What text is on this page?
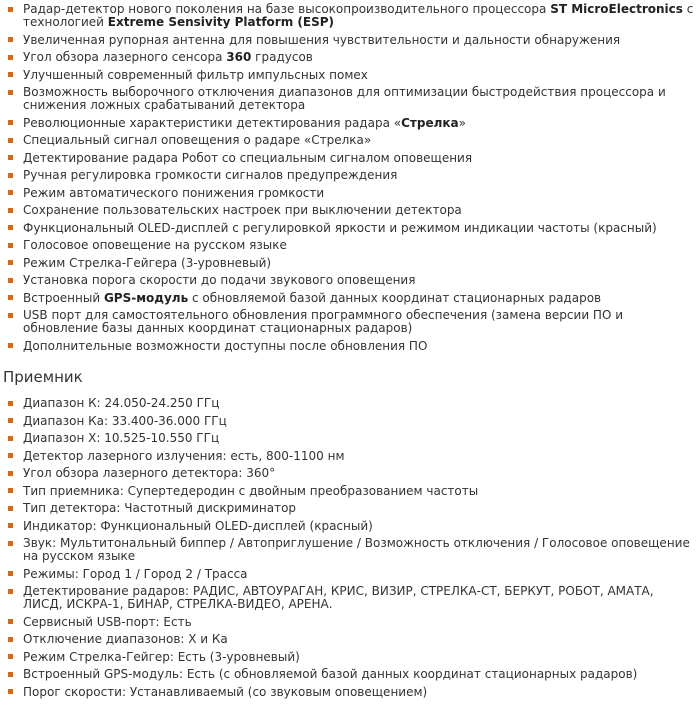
Радар-детектор нового поколения на базе высокопроизводительного процессора ST MicroElectronics с технологией Extreme Sensivity Platform (ESP)
Увеличенная рупорная антенна для повышения чувствительности и дальности обнаружения
Угол обзора лазерного сенсора 360 градусов
Улучшенный современный фильтр импульсных помех
Возможность выборочного отключения диапазонов для оптимизации быстродействия процессора и снижения ложных срабатываний детектора
Революционные характеристики детектирования радара «Стрелка»
Специальный сигнал оповещения о радаре «Стрелка»
Детектирование радара Робот со специальным сигналом оповещения
Ручная регулировка громкости сигналов предупреждения
Режим автоматического понижения громкости
Сохранение пользовательских настроек при выключении детектора
Функциональный OLED-дисплей с регулировкой яркости и режимом индикации частоты (красный)
Голосовое оповещение на русском языке
Режим Стрелка-Гейгера (3-уровневый)
Установка порога скорости до подачи звукового оповещения
Встроенный GPS-модуль с обновляемой базой данных координат стационарных радаров
USB порт для самостоятельного обновления программного обеспечения (замена версии ПО и обновление базы данных координат стационарных радаров)
Дополнительные возможности доступны после обновления ПО
Приемник
Диапазон К: 24.050-24.250 ГГц
Диапазон Ка: 33.400-36.000 ГГц
Диапазон Х: 10.525-10.550 ГГц
Детектор лазерного излучения: есть, 800-1100 нм
Угол обзора лазерного детектора: 360°
Тип приемника: Супертедеродин с двойным преобразованием частоты
Тип детектора: Частотный дискриминатор
Индикатор: Функциональный OLED-дисплей (красный)
Звук: Мультитональный биппер / Автоприглушение / Возможность отключения / Голосовое оповещение на русском языке
Режимы: Город 1 / Город 2 / Трасса
Детектирование радаров: РАДИС, АВТОУРАГАН, КРИС, ВИЗИР, СТРЕЛКА-СТ, БЕРКУТ, РОБОТ, АМАТА, ЛИСД, ИСКРА-1, БИНАР, СТРЕЛКА-ВИДЕО, АРЕНА.
Сервисный USB-порт: Есть
Отключение диапазонов: Х и Ка
Режим Стрелка-Гейгер: Есть (3-уровневый)
Встроенный GPS-модуль: Есть (с обновляемой базой данных координат стационарных радаров)
Порог скорости: Устанавливаемый (со звуковым оповещением)
